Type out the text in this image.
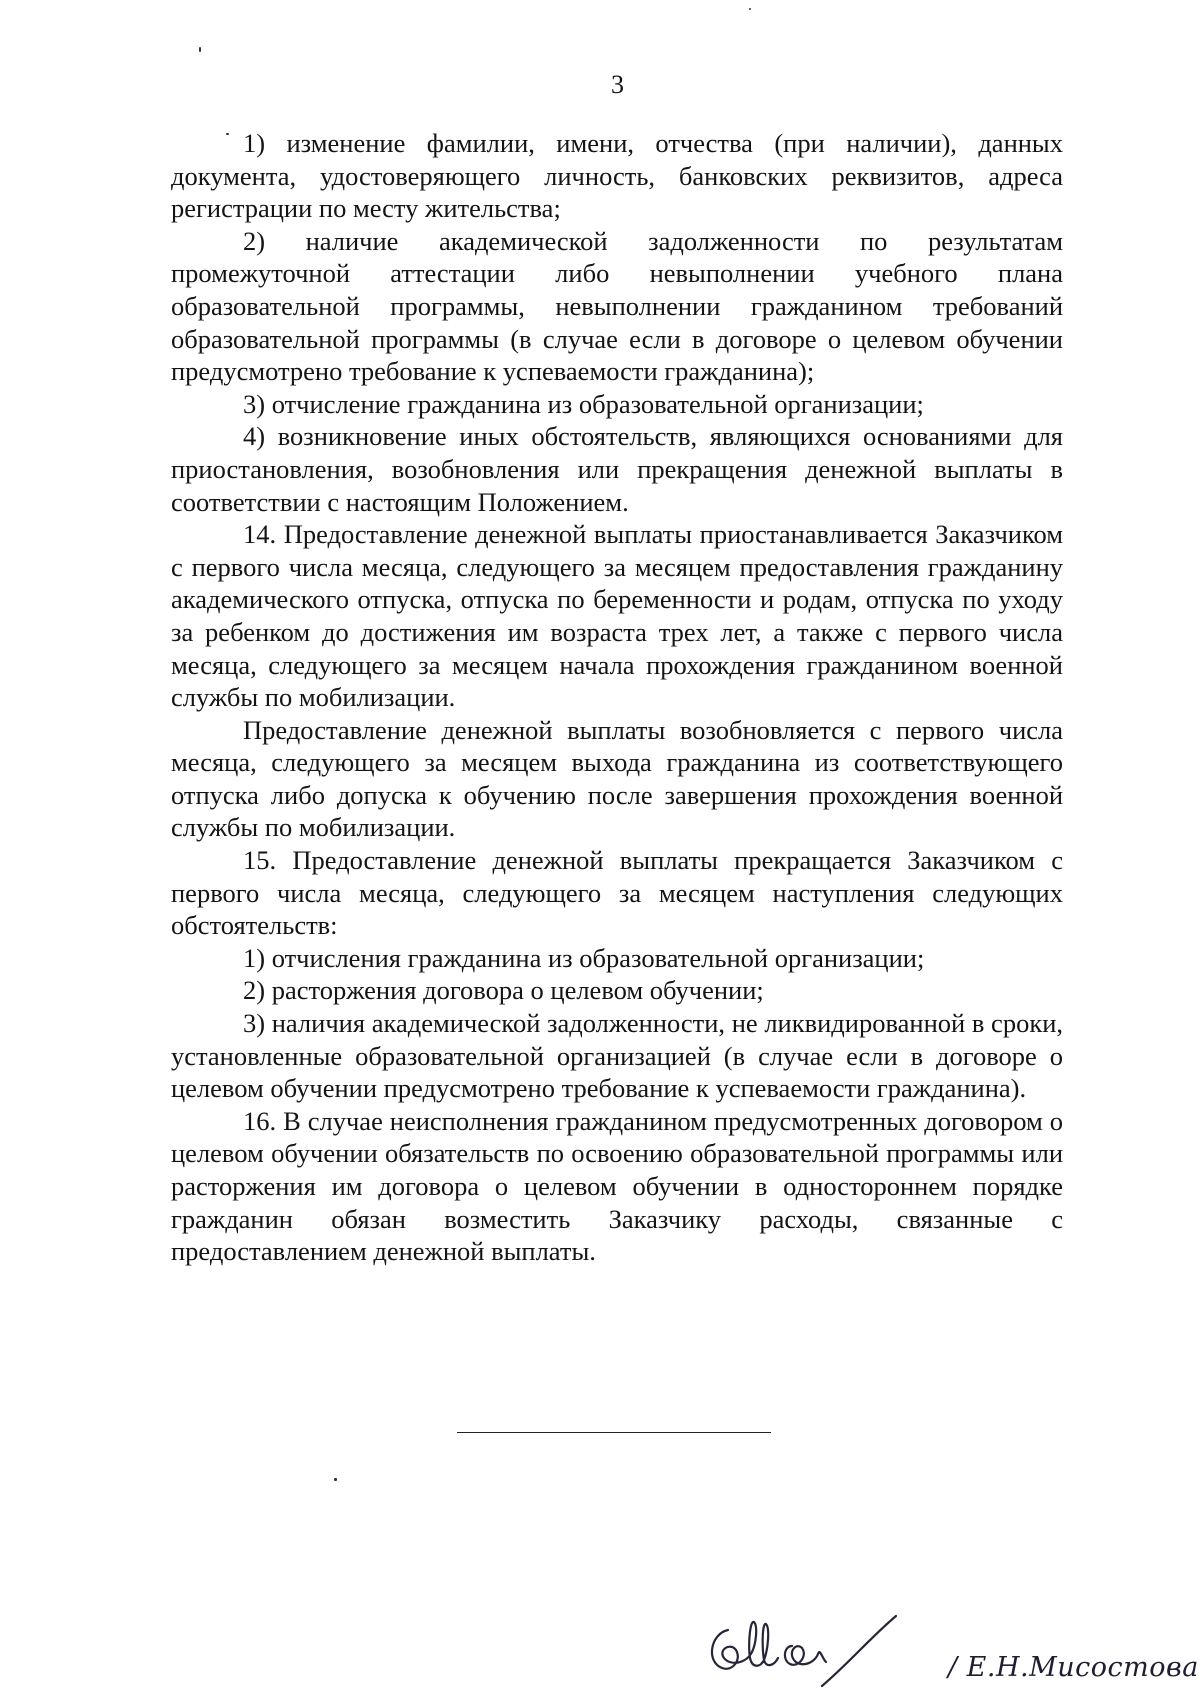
3

1) изменение фамилии, имени, отчества (при наличии), данных документа, удостоверяющего личность, банковских реквизитов, адреса регистрации по месту жительства;

2) наличие академической задолженности по результатам промежуточной аттестации либо невыполнении учебного плана образовательной программы, невыполнении гражданином требований образовательной программы (в случае если в договоре о целевом обучении предусмотрено требование к успеваемости гражданина);

3) отчисление гражданина из образовательной организации;

4) возникновение иных обстоятельств, являющихся основаниями для приостановления, возобновления или прекращения денежной выплаты в соответствии с настоящим Положением.

14. Предоставление денежной выплаты приостанавливается Заказчиком с первого числа месяца, следующего за месяцем предоставления гражданину академического отпуска, отпуска по беременности и родам, отпуска по уходу за ребенком до достижения им возраста трех лет, а также с первого числа месяца, следующего за месяцем начала прохождения гражданином военной службы по мобилизации.

Предоставление денежной выплаты возобновляется с первого числа месяца, следующего за месяцем выхода гражданина из соответствующего отпуска либо допуска к обучению после завершения прохождения военной службы по мобилизации.

15. Предоставление денежной выплаты прекращается Заказчиком с первого числа месяца, следующего за месяцем наступления следующих обстоятельств:

1) отчисления гражданина из образовательной организации;

2) расторжения договора о целевом обучении;

3) наличия академической задолженности, не ликвидированной в сроки, установленные образовательной организацией (в случае если в договоре о целевом обучении предусмотрено требование к успеваемости гражданина).

16. В случае неисполнения гражданином предусмотренных договором о целевом обучении обязательств по освоению образовательной программы или расторжения им договора о целевом обучении в одностороннем порядке гражданин обязан возместить Заказчику расходы, связанные с предоставлением денежной выплаты.

/ Е.Н.Мисостова
